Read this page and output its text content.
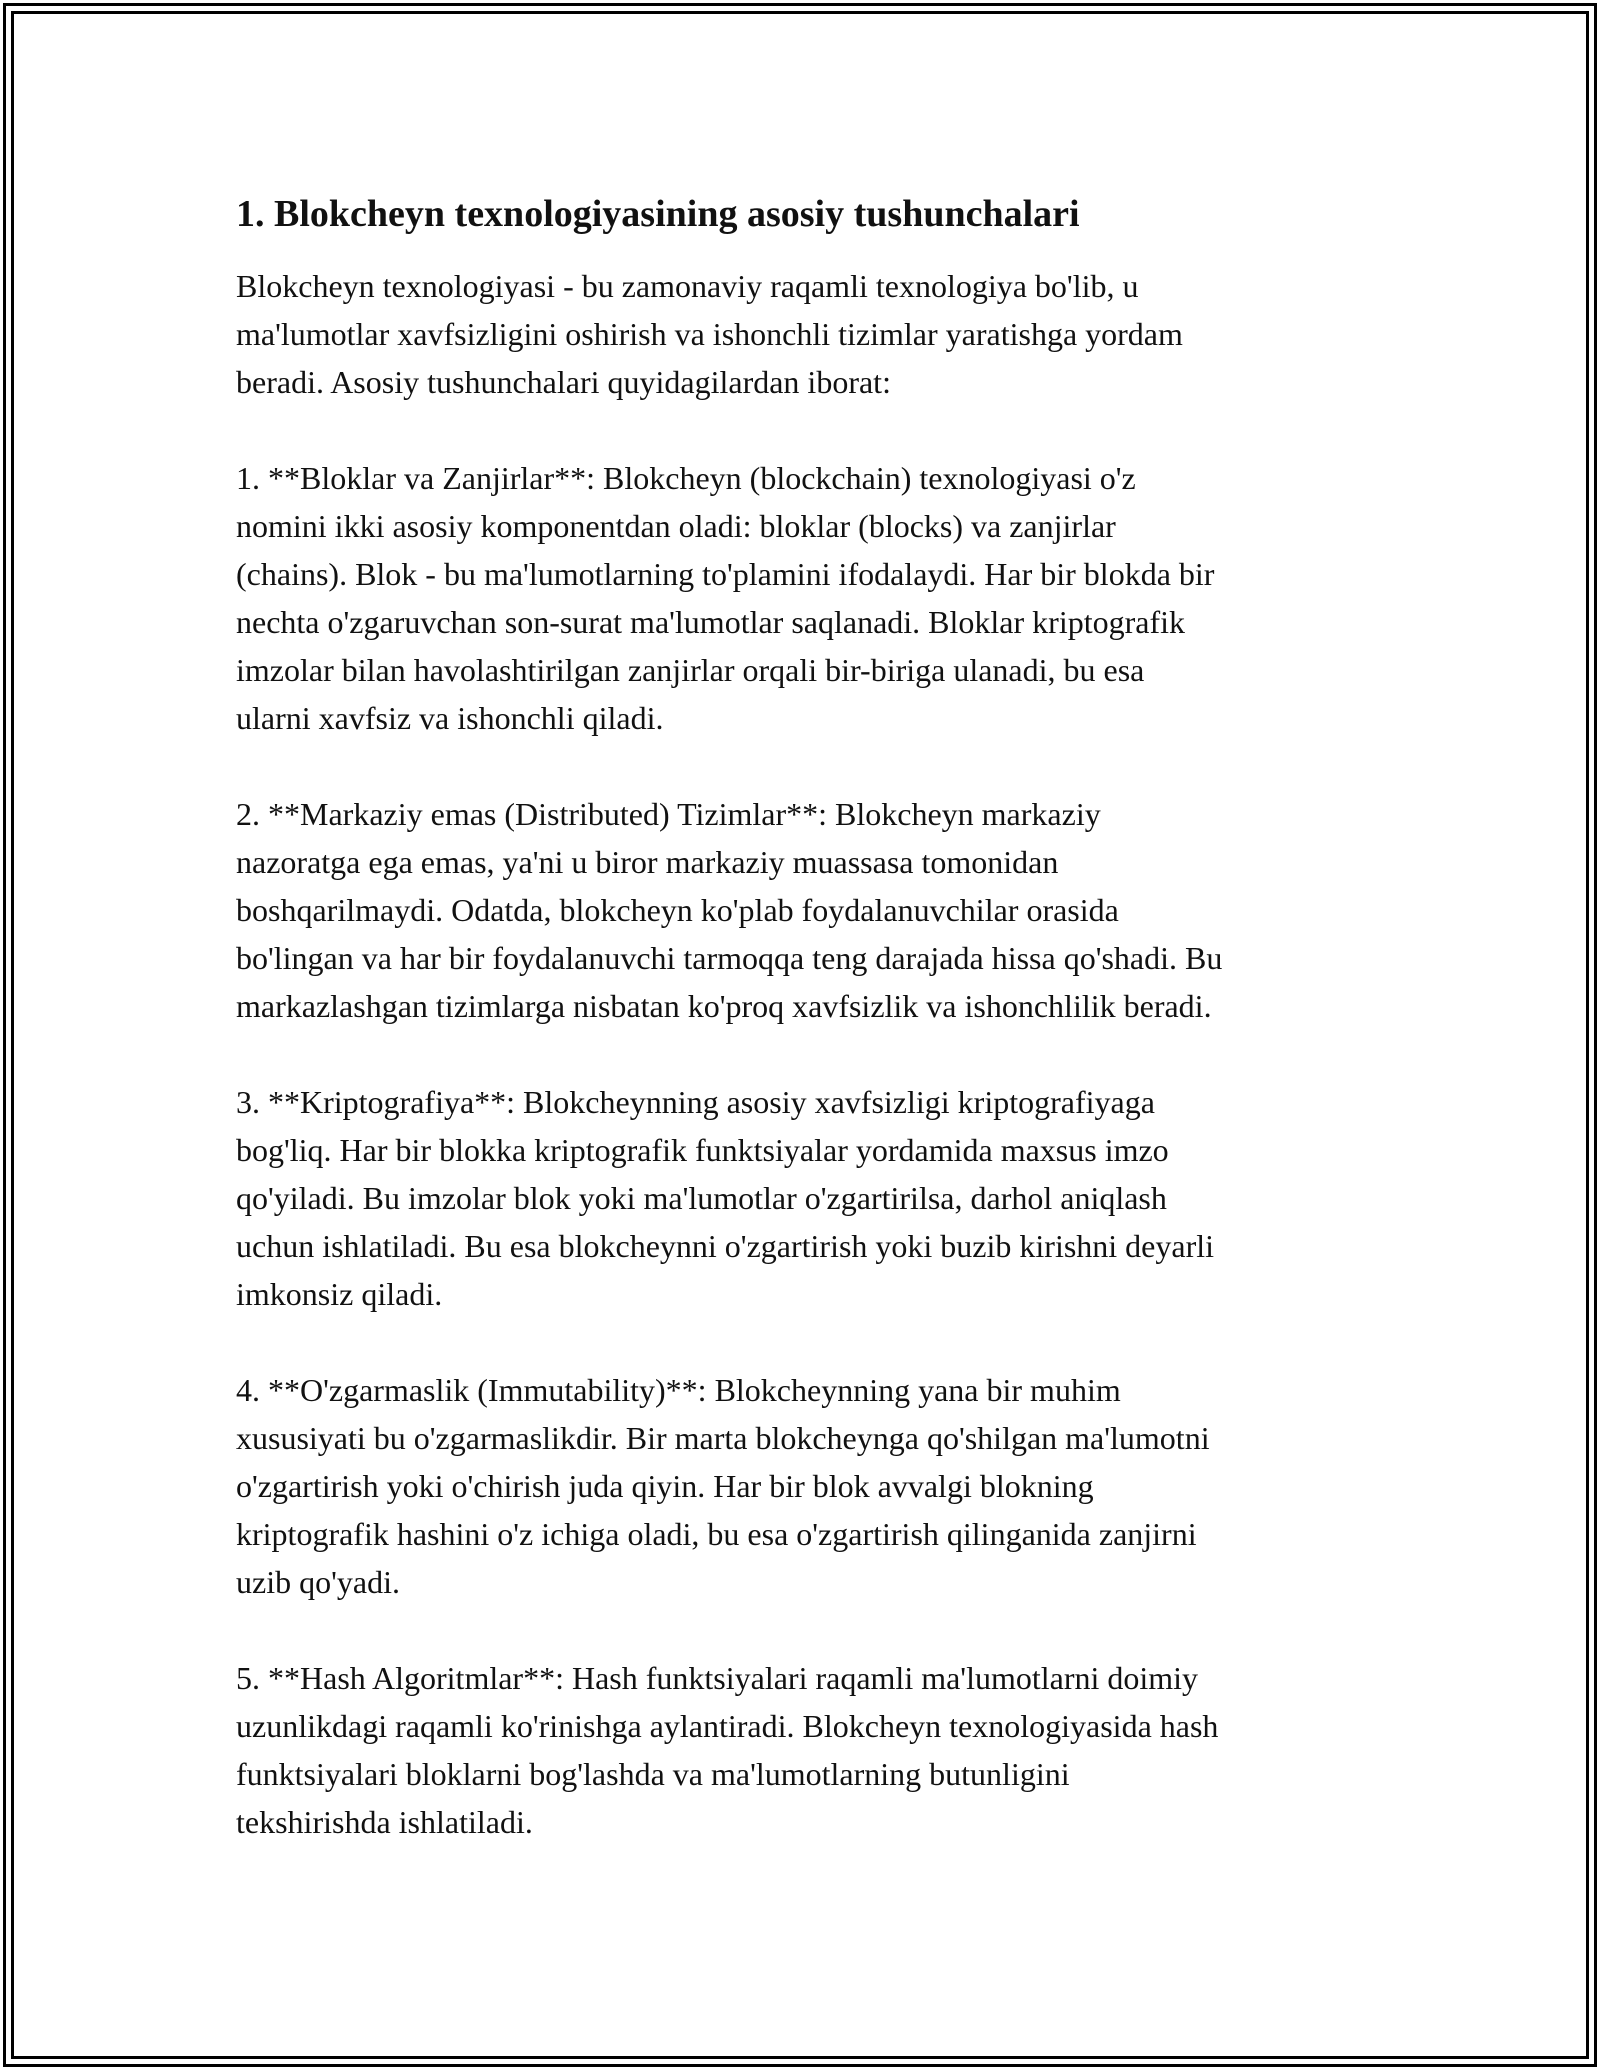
1. Blokcheyn texnologiyasining asosiy tushunchalari

Blokcheyn texnologiyasi - bu zamonaviy raqamli texnologiya bo'lib, u
ma'lumotlar xavfsizligini oshirish va ishonchli tizimlar yaratishga yordam
beradi. Asosiy tushunchalari quyidagilardan iborat:

1. **Bloklar va Zanjirlar**: Blokcheyn (blockchain) texnologiyasi o'z
nomini ikki asosiy komponentdan oladi: bloklar (blocks) va zanjirlar
(chains). Blok - bu ma'lumotlarning to'plamini ifodalaydi. Har bir blokda bir
nechta o'zgaruvchan son-surat ma'lumotlar saqlanadi. Bloklar kriptografik
imzolar bilan havolashtirilgan zanjirlar orqali bir-biriga ulanadi, bu esa
ularni xavfsiz va ishonchli qiladi.

2. **Markaziy emas (Distributed) Tizimlar**: Blokcheyn markaziy
nazoratga ega emas, ya'ni u biror markaziy muassasa tomonidan
boshqarilmaydi. Odatda, blokcheyn ko'plab foydalanuvchilar orasida
bo'lingan va har bir foydalanuvchi tarmoqqa teng darajada hissa qo'shadi. Bu
markazlashgan tizimlarga nisbatan ko'proq xavfsizlik va ishonchlilik beradi.

3. **Kriptografiya**: Blokcheynning asosiy xavfsizligi kriptografiyaga
bog'liq. Har bir blokka kriptografik funktsiyalar yordamida maxsus imzo
qo'yiladi. Bu imzolar blok yoki ma'lumotlar o'zgartirilsa, darhol aniqlash
uchun ishlatiladi. Bu esa blokcheynni o'zgartirish yoki buzib kirishni deyarli
imkonsiz qiladi.

4. **O'zgarmaslik (Immutability)**: Blokcheynning yana bir muhim
xususiyati bu o'zgarmaslikdir. Bir marta blokcheynga qo'shilgan ma'lumotni
o'zgartirish yoki o'chirish juda qiyin. Har bir blok avvalgi blokning
kriptografik hashini o'z ichiga oladi, bu esa o'zgartirish qilinganida zanjirni
uzib qo'yadi.

5. **Hash Algoritmlar**: Hash funktsiyalari raqamli ma'lumotlarni doimiy
uzunlikdagi raqamli ko'rinishga aylantiradi. Blokcheyn texnologiyasida hash
funktsiyalari bloklarni bog'lashda va ma'lumotlarning butunligini
tekshirishda ishlatiladi.
